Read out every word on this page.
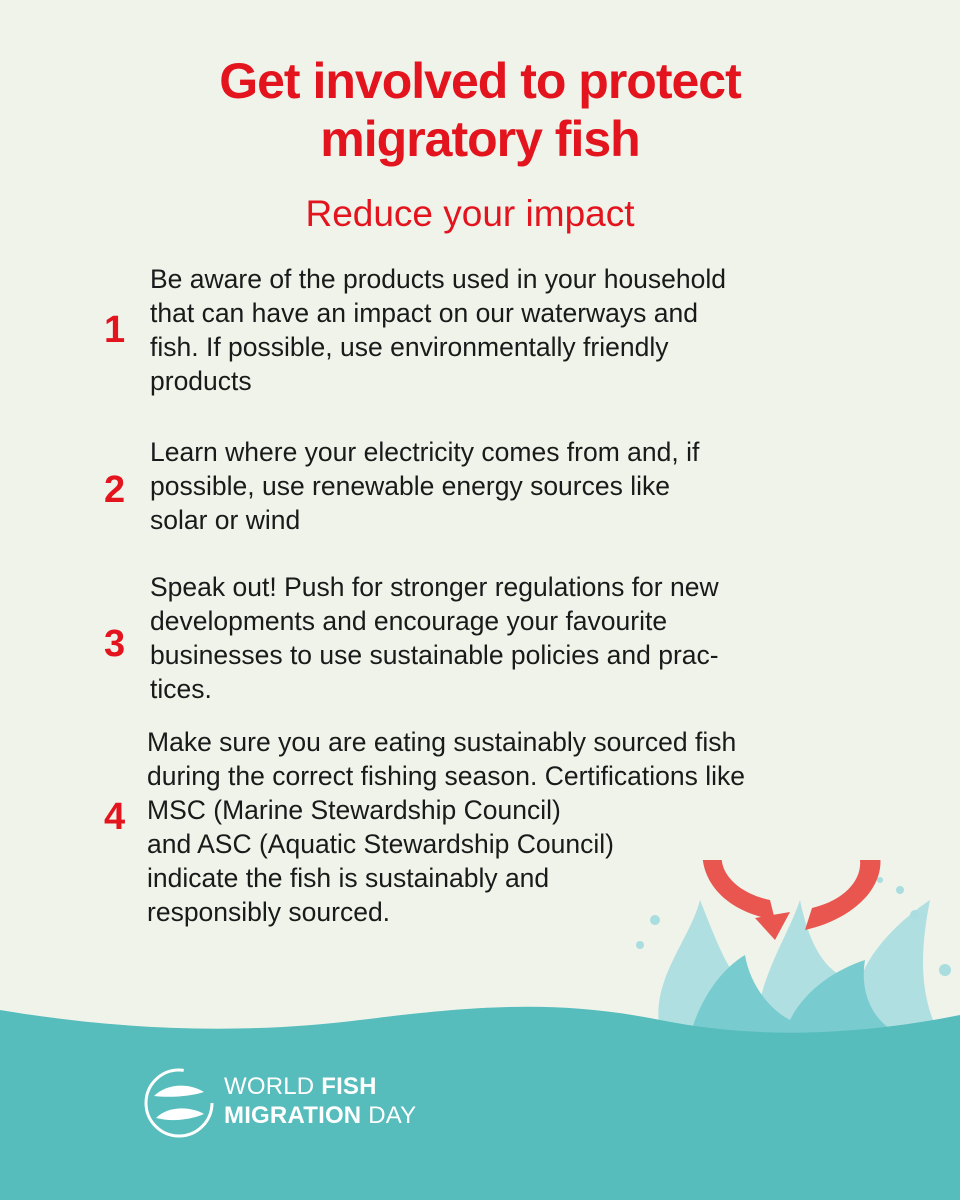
Get involved to protect
migratory fish
Reduce your impact
1
Be aware of the products used in your household
that can have an impact on our waterways and
fish. If possible, use environmentally friendly
products
2
Learn where your electricity comes from and, if
possible, use renewable energy sources like
solar or wind
3
Speak out! Push for stronger regulations for new
developments and encourage your favourite
businesses to use sustainable policies and prac-
tices.
4
Make sure you are eating sustainably sourced fish
during the correct fishing season. Certifications like
MSC (Marine Stewardship Council)
and ASC (Aquatic Stewardship Council)
indicate the fish is sustainably and
responsibly sourced.
WORLD FISH
MIGRATION DAY
